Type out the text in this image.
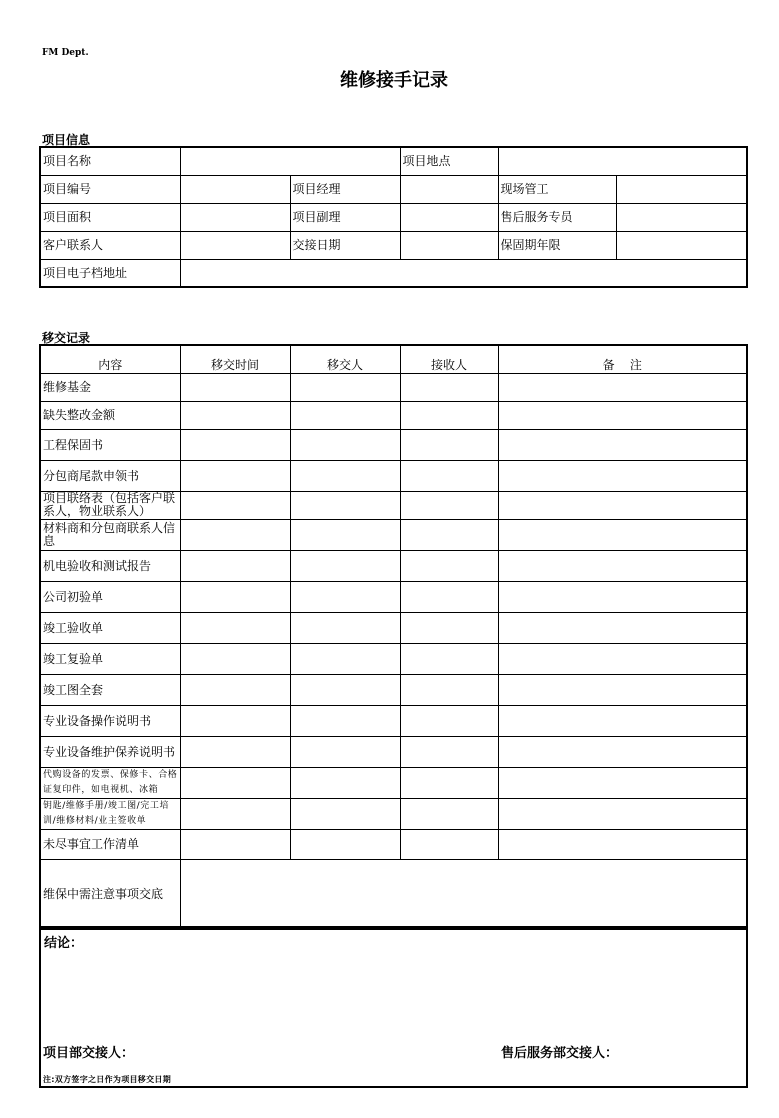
FM Dept.
维修接手记录
项目信息
项目名称			项目地点		
项目编号		项目经理		现场管工	
项目面积		项目副理		售后服务专员	
客户联系人		交接日期		保固期年限	
项目电子档地址					
移交记录
内容	移交时间	移交人	接收人	备    注
维修基金				
缺失整改金额				
工程保固书				
分包商尾款申领书				
项目联络表（包括客户联系人，物业联系人）				
材料商和分包商联系人信息				
机电验收和测试报告				
公司初验单				
竣工验收单				
竣工复验单				
竣工图全套				
专业设备操作说明书				
专业设备维护保养说明书				
代购设备的发票、保修卡、合格证复印件，如电视机、冰箱				
钥匙/维修手册/竣工图/完工培训/维修材料/业主签收单				
未尽事宜工作清单				
维保中需注意事项交底				
结论：
项目部交接人：	售后服务部交接人：
注:双方签字之日作为项目移交日期
